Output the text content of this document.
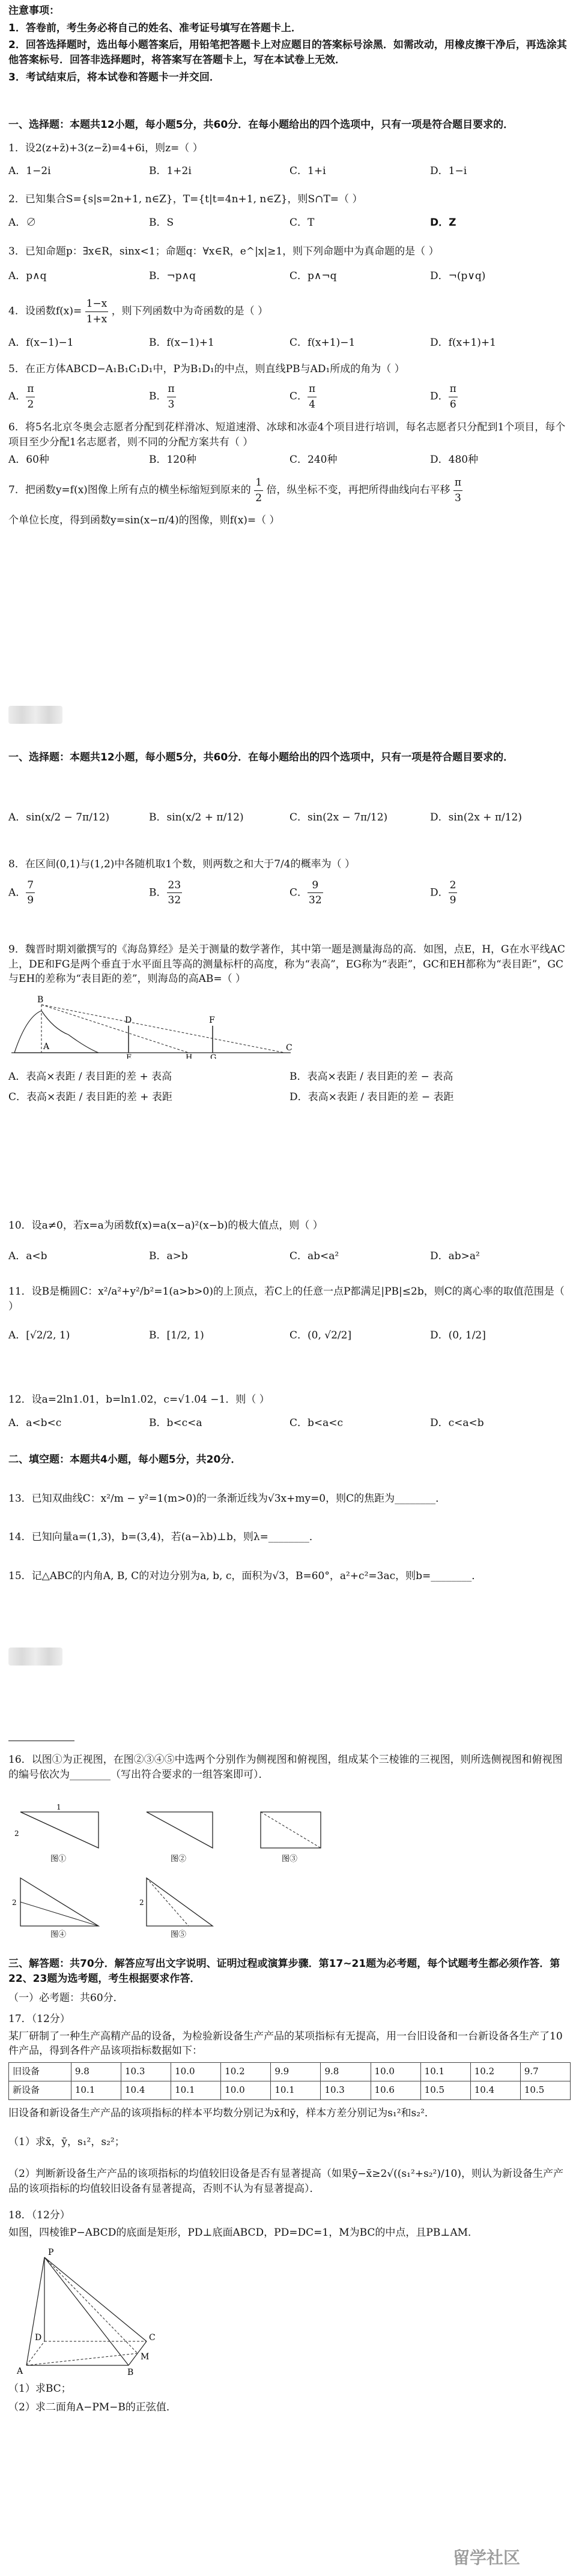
注意事项：
1．答卷前，考生务必将自己的姓名、准考证号填写在答题卡上．
2．回答选择题时，选出每小题答案后，用铅笔把答题卡上对应题目的答案标号涂黑．如需改动，用橡皮擦干净后，再选涂其他答案标号．回答非选择题时，将答案写在答题卡上，写在本试卷上无效．
3．考试结束后，将本试卷和答题卡一并交回．
一、选择题：本题共12小题，每小题5分，共60分．在每小题给出的四个选项中，只有一项是符合题目要求的．
1．设2(z+z̄)+3(z−z̄)=4+6i，则z=（ ）
A．1−2i	B．1+2i	C．1+i	D．1−i
2．已知集合S={s|s=2n+1, n∈Z}，T={t|t=4n+1, n∈Z}，则S∩T=（ ）
A．∅	B．S	C．T	D．Z
3．已知命题p：∃x∈R，sinx<1；命题q：∀x∈R，e^|x|≥1，则下列命题中为真命题的是（ ）
A．p∧q	B．¬p∧q	C．p∧¬q	D．¬(p∨q)
4．设函数$f(x)= \frac{1-x}{1+x}$ ，则下列函数中为奇函数的是（ ）
A．f(x−1)−1	B．f(x−1)+1	C．f(x+1)−1	D．f(x+1)+1
5．在正方体ABCD−A₁B₁C₁D₁中，P为B₁D₁的中点，则直线PB与AD₁所成的角为（ ）
A． $\frac{\pi}{2}$	B． $\frac{\pi}{3}$	C． $\frac{\pi}{4}$	D． $\frac{\pi}{6}$
6．将5名北京冬奥会志愿者分配到花样滑冰、短道速滑、冰球和冰壶4个项目进行培训，每名志愿者只分配到1个项目，每个项目至少分配1名志愿者，则不同的分配方案共有（ ）
A．60种	B．120种	C．240种	D．480种
7．把函数y=f(x)图像上所有点的横坐标缩短到原来的 $\frac{1}{2}$ 倍，纵坐标不变，再把所得曲线向右平移 $\frac{\pi}{3}$
个单位长度，得到函数y=sin(x−π/4)的图像，则f(x)=（ ）
一、选择题：本题共12小题，每小题5分，共60分．在每小题给出的四个选项中，只有一项是符合题目要求的．
A．sin(x/2 − 7π/12)	B．sin(x/2 + π/12)	C．sin(2x − 7π/12)	D．sin(2x + π/12)
8．在区间(0,1)与(1,2)中各随机取1个数，则两数之和大于7/4的概率为（ ）
A． $\frac{7}{9}$	B． $\frac{23}{32}$	C． $\frac{9}{32}$	D． $\frac{2}{9}$
9．魏晋时期刘徽撰写的《海岛算经》是关于测量的数学著作，其中第一题是测量海岛的高．如图，点E，H，G在水平线AC上，DE和FG是两个垂直于水平面且等高的测量标杆的高度，称为“表高”，EG称为“表距”，GC和EH都称为“表目距”，GC与EH的差称为“表目距的差”，则海岛的高AB=（ ）
B
D	F
A
E	H G
C
A．表高×表距 / 表目距的差 + 表高	B．表高×表距 / 表目距的差 − 表高
C．表高×表距 / 表目距的差 + 表距	D．表高×表距 / 表目距的差 − 表距
10．设a≠0，若x=a为函数f(x)=a(x−a)²(x−b)的极大值点，则（ ）
A．a<b	B．a>b	C．ab<a²	D．ab>a²
11．设B是椭圆C：x²/a²+y²/b²=1(a>b>0)的上顶点，若C上的任意一点P都满足|PB|≤2b，则C的离心率的取值范围是（ ）
A．[√2/2, 1)	B．[1/2, 1)	C．(0, √2/2]	D．(0, 1/2]
12．设a=2ln1.01，b=ln1.02，c=√1.04 −1．则（ ）
A．a<b<c	B．b<c<a	C．b<a<c	D．c<a<b
二、填空题：本题共4小题，每小题5分，共20分．
13．已知双曲线C：x²/m − y²=1(m>0)的一条渐近线为√3x+my=0，则C的焦距为________．
14．已知向量a=(1,3)，b=(3,4)，若(a−λb)⊥b，则λ=________．
15．记△ABC的内角A, B, C的对边分别为a, b, c，面积为√3，B=60°，a²+c²=3ac，则b=________．
16．以图①为正视图，在图②③④⑤中选两个分别作为侧视图和俯视图，组成某个三棱锥的三视图，则所选侧视图和俯视图的编号依次为________（写出符合要求的一组答案即可）．
图①
2
1
图②	图③
图④
2
图⑤
2
三、解答题：共70分．解答应写出文字说明、证明过程或演算步骤．第17~21题为必考题，每个试题考生都必须作答．第22、23题为选考题，考生根据要求作答．
（一）必考题：共60分．
17．（12分）
某厂研制了一种生产高精产品的设备，为检验新设备生产产品的某项指标有无提高，用一台旧设备和一台新设备各生产了10件产品，得到各件产品该项指标数据如下：
旧设备	9.8	10.3	10.0	10.2	9.9	9.8	10.0	10.1	10.2	9.7
新设备	10.1	10.4	10.1	10.0	10.1	10.3	10.6	10.5	10.4	10.5
旧设备和新设备生产产品的该项指标的样本平均数分别记为x̄和ȳ，样本方差分别记为s₁²和s₂²．
（1）求x̄，ȳ，s₁²，s₂²；
（2）判断新设备生产产品的该项指标的均值较旧设备是否有显著提高（如果ȳ−x̄≥2√((s₁²+s₂²)/10)，则认为新设备生产产品的该项指标的均值较旧设备有显著提高，否则不认为有显著提高）．
18．（12分）
如图，四棱锥P−ABCD的底面是矩形，PD⊥底面ABCD，PD=DC=1，M为BC的中点，且PB⊥AM．
P
D
A	B
M
C
（1）求BC；
（2）求二面角A−PM−B的正弦值．
留学社区
